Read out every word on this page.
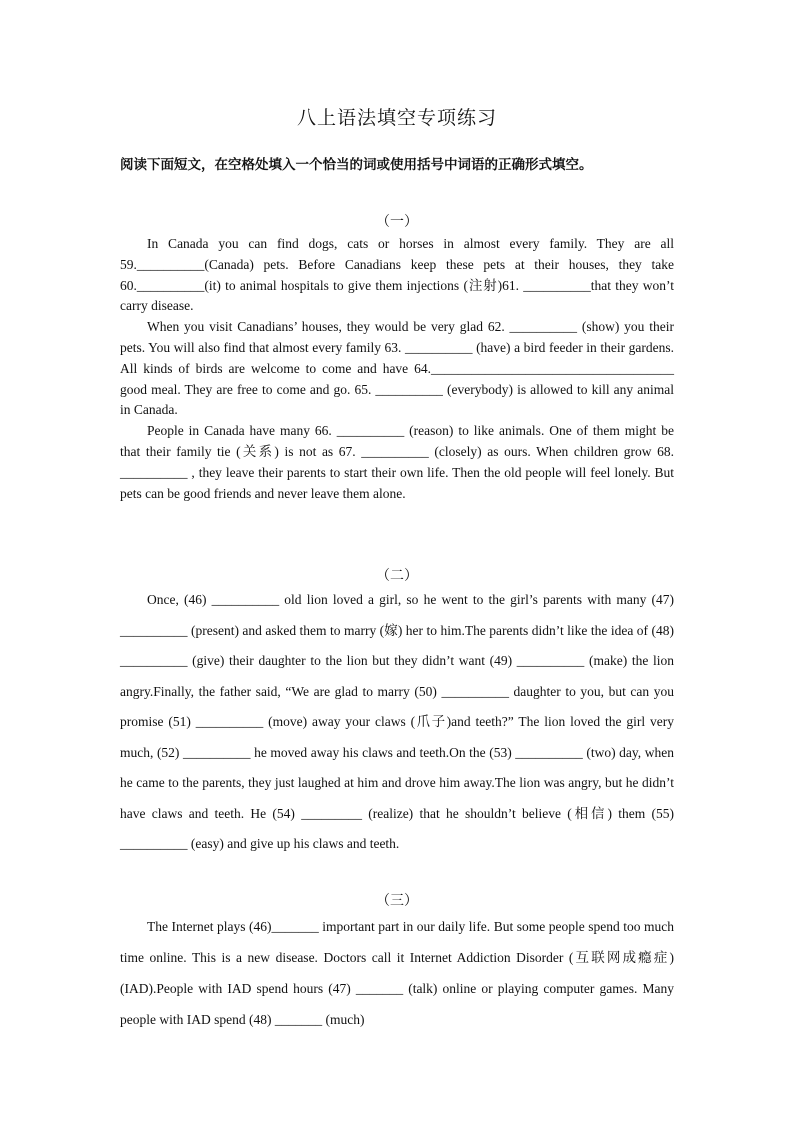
八上语法填空专项练习
阅读下面短文，在空格处填入一个恰当的词或使用括号中词语的正确形式填空。
（一）

In Canada you can find dogs, cats or horses in almost every family. They are all 59.__________(Canada) pets. Before Canadians keep these pets at their houses, they take 60.__________(it) to animal hospitals to give them injections (注射)61. __________that they won’t carry disease.

When you visit Canadians’ houses, they would be very glad 62. __________ (show) you their pets. You will also find that almost every family 63. __________ (have) a bird feeder in their gardens. All kinds of birds are welcome to come and have 64.____________________________________ good meal. They are free to come and go. 65. __________ (everybody) is allowed to kill any animal in Canada.

People in Canada have many 66. __________ (reason) to like animals. One of them might be that their family tie (关系) is not as 67. __________ (closely) as ours. When children grow 68. __________ , they leave their parents to start their own life. Then the old people will feel lonely. But pets can be good friends and never leave them alone.

（二）

Once, (46) __________ old lion loved a girl, so he went to the girl’s parents with many (47) __________ (present) and asked them to marry (嫁) her to him.The parents didn’t like the idea of (48) __________ (give) their daughter to the lion but they didn’t want (49) __________ (make) the lion angry.Finally, the father said, “We are glad to marry (50) __________ daughter to you, but can you promise (51) __________ (move) away your claws (爪子)and teeth?” The lion loved the girl very much, (52) __________ he moved away his claws and teeth.On the (53) __________ (two) day, when he came to the parents, they just laughed at him and drove him away.The lion was angry, but he didn’t have claws and teeth. He (54) _________ (realize) that he shouldn’t believe (相信) them (55) __________ (easy) and give up his claws and teeth.

（三）

The Internet plays (46)_______ important part in our daily life. But some people spend too much time online. This is a new disease. Doctors call it Internet Addiction Disorder (互联网成瘾症)(IAD).People with IAD spend hours (47) _______ (talk) online or playing computer games. Many people with IAD spend (48) _______ (much)
